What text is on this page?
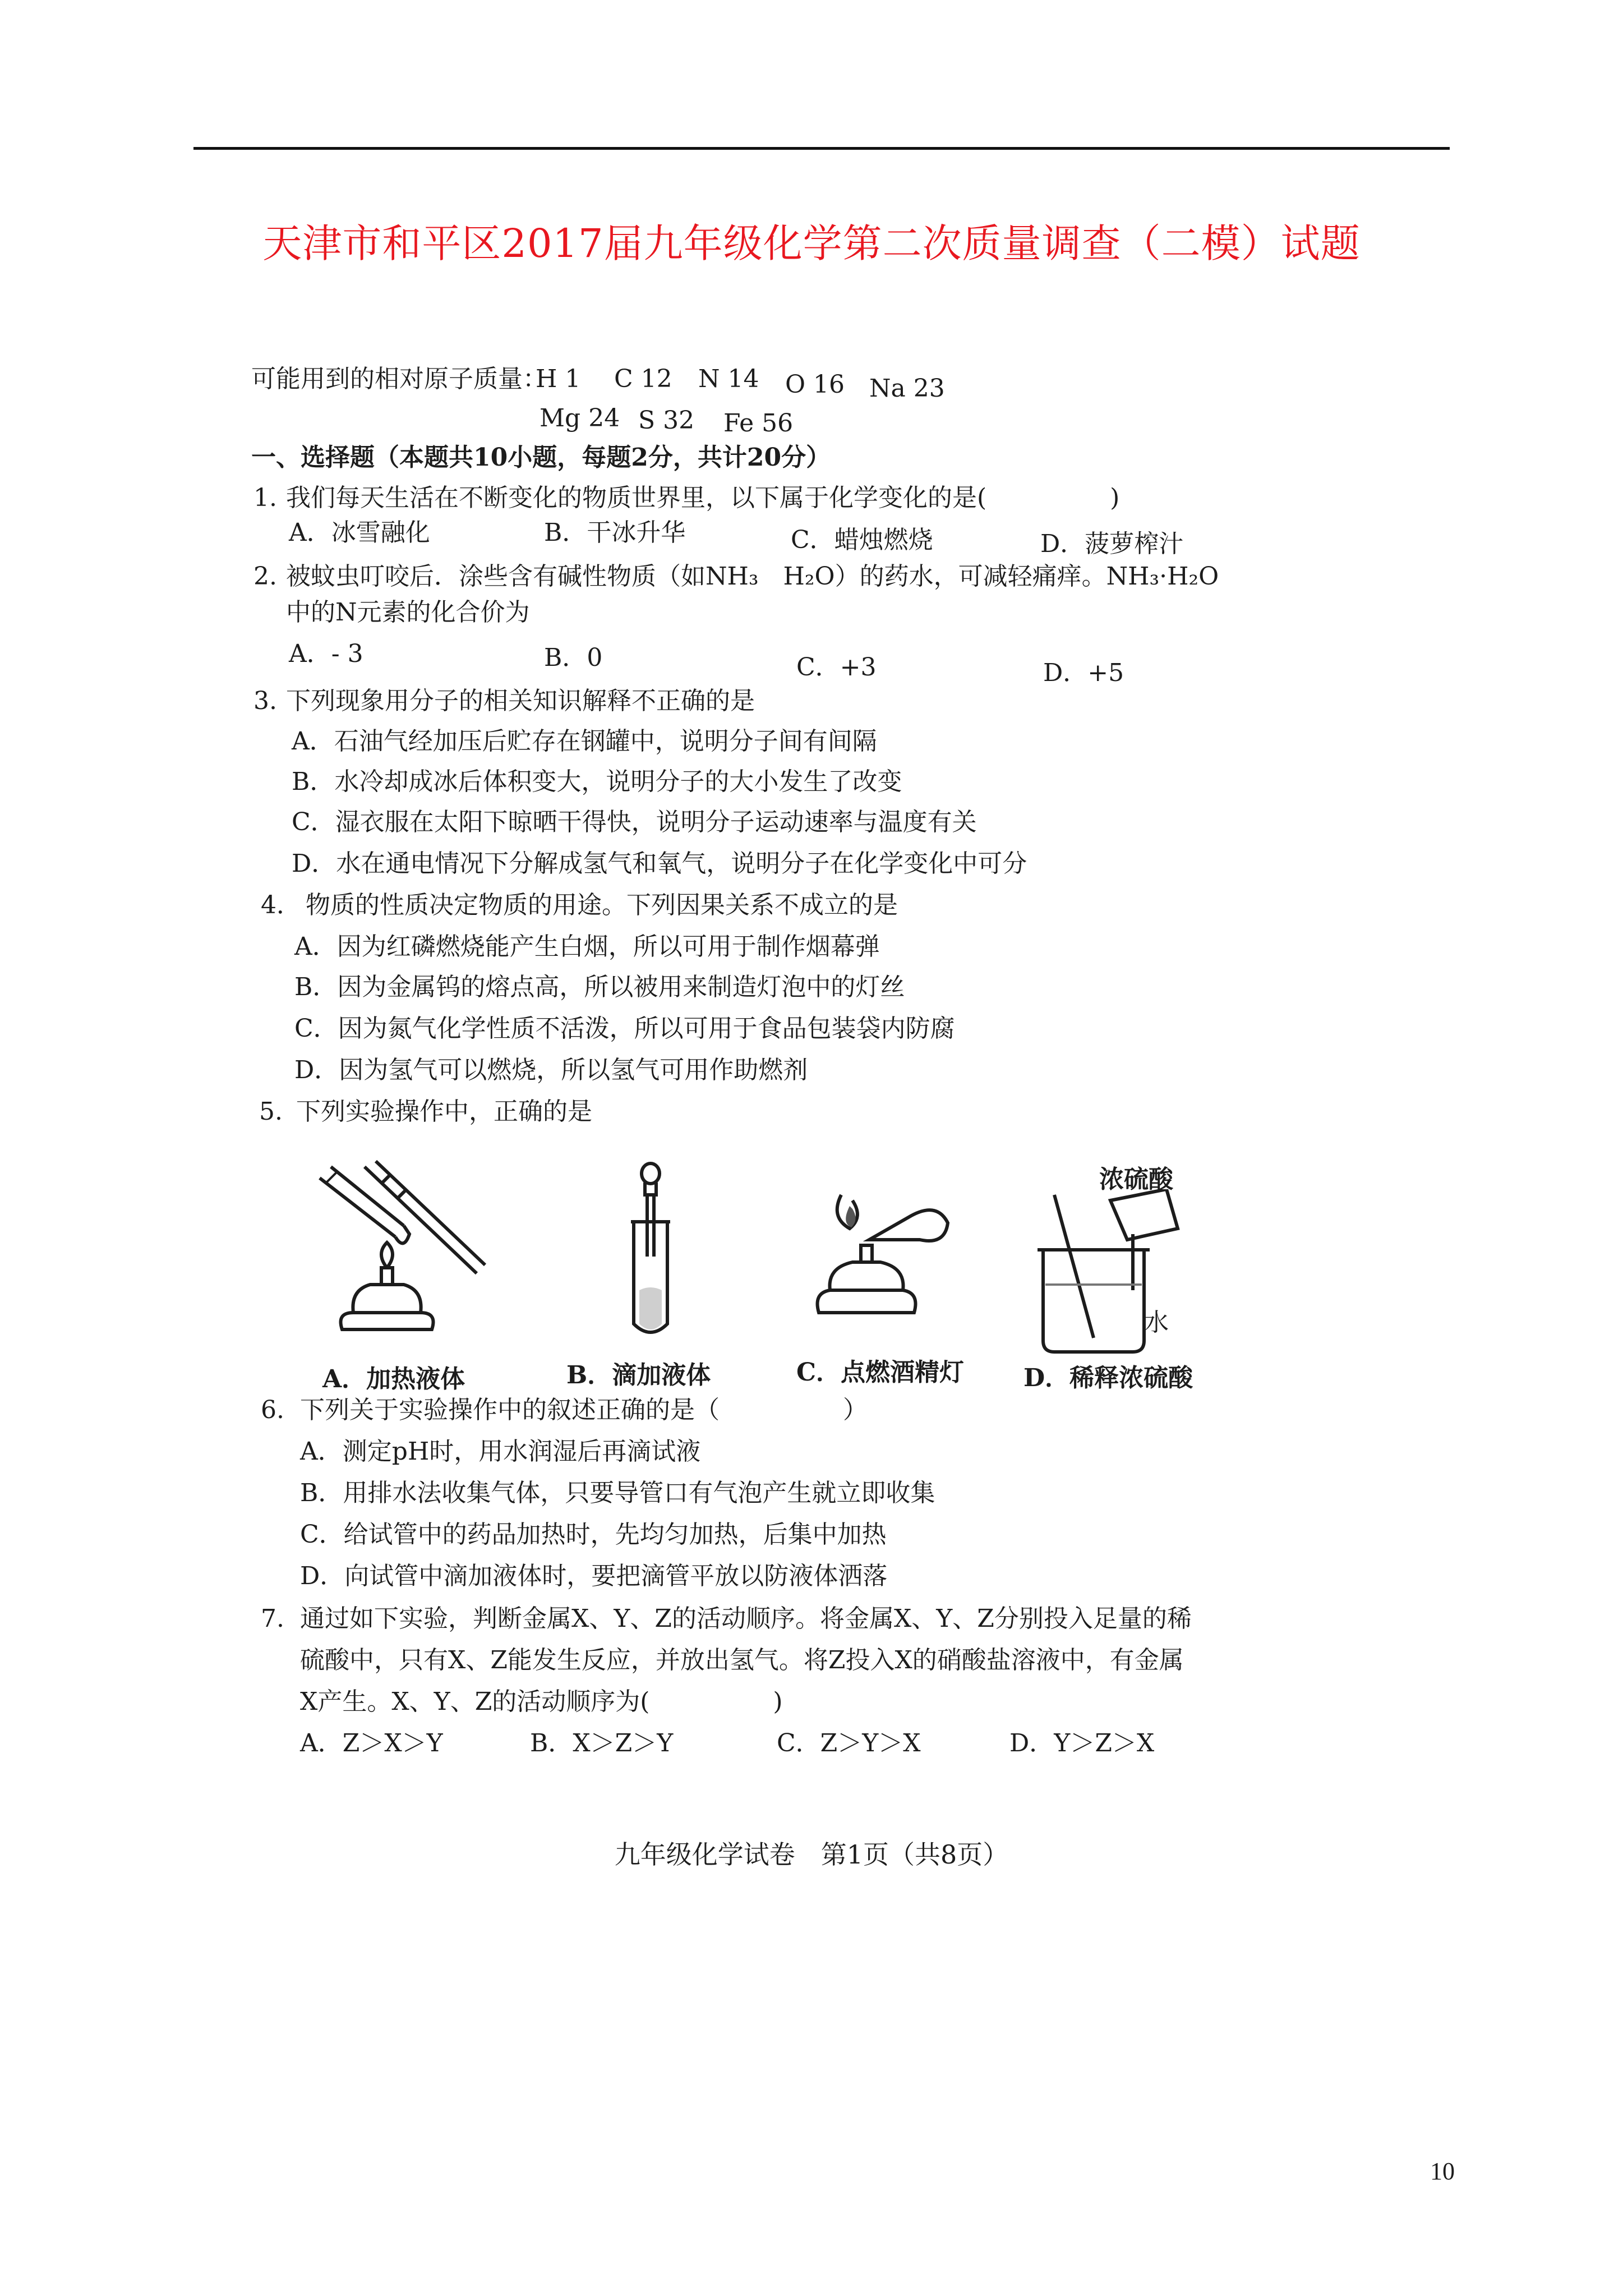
天津市和平区2017届九年级化学第二次质量调查（二模）试题
可能用到的相对原子质量：
H 1 C 12 N 14 O 16 Na 23
Mg 24 S 32 Fe 56
一、选择题（本题共10小题，每题2分，共计20分）
1. 我们每天生活在不断变化的物质世界里，以下属于化学变化的是(　　　　　)
A．冰雪融化	B．干冰升华	C．蜡烛燃烧	D．菠萝榨汁
2. 被蚊虫叮咬后．涂些含有碱性物质（如NH₃　H₂O）的药水，可减轻痛痒。NH₃·H₂O
中的N元素的化合价为
A．- 3	B．0	C．+3	D．+5
3. 下列现象用分子的相关知识解释不正确的是
A．石油气经加压后贮存在钢罐中，说明分子间有间隔
B．水冷却成冰后体积变大，说明分子的大小发生了改变
C．湿衣服在太阳下晾晒干得快，说明分子运动速率与温度有关
D．水在通电情况下分解成氢气和氧气，说明分子在化学变化中可分
4． 物质的性质决定物质的用途。下列因果关系不成立的是
A．因为红磷燃烧能产生白烟，所以可用于制作烟幕弹
B．因为金属钨的熔点高，所以被用来制造灯泡中的灯丝
C．因为氮气化学性质不活泼，所以可用于食品包装袋内防腐
D．因为氢气可以燃烧，所以氢气可用作助燃剂
5. 下列实验操作中，正确的是
A．加热液体	B．滴加液体	C．点燃酒精灯
浓硫酸
水
D．稀释浓硫酸
6. 下列关于实验操作中的叙述正确的是（　　　　　）
A．测定pH时，用水润湿后再滴试液
B．用排水法收集气体，只要导管口有气泡产生就立即收集
C．给试管中的药品加热时，先均匀加热，后集中加热
D．向试管中滴加液体时，要把滴管平放以防液体洒落
7. 通过如下实验，判断金属X、Y、Z的活动顺序。将金属X、Y、Z分别投入足量的稀
硫酸中，只有X、Z能发生反应，并放出氢气。将Z投入X的硝酸盐溶液中，有金属
X产生。X、Y、Z的活动顺序为(　　　　　)
A．Z＞X＞Y	B．X＞Z＞Y	C．Z＞Y＞X	D．Y＞Z＞X
九年级化学试卷　第1页（共8页）
10
